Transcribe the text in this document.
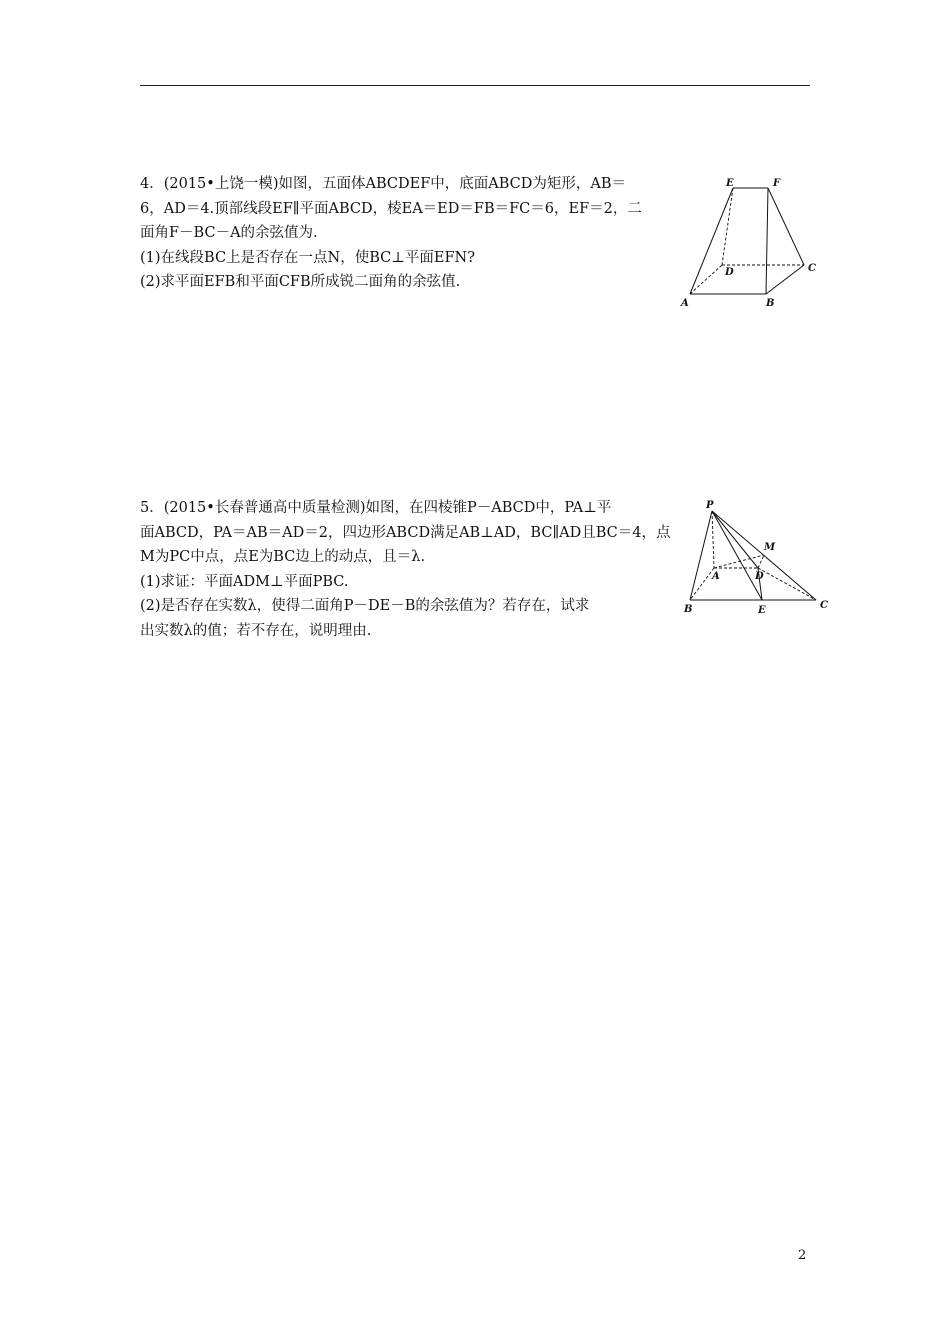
4．(2015•上饶一模)如图，五面体ABCDEF中，底面ABCD为矩形，AB＝

6，AD＝4.顶部线段EF∥平面ABCD，棱EA＝ED＝FB＝FC＝6，EF＝2，二

面角F－BC－A的余弦值为.

(1)在线段BC上是否存在一点N，使BC⊥平面EFN?

(2)求平面EFB和平面CFB所成锐二面角的余弦值.

E	F
D	C
A	B

5．(2015•长春普通高中质量检测)如图，在四棱锥P－ABCD中，PA⊥平

面ABCD，PA＝AB＝AD＝2，四边形ABCD满足AB⊥AD，BC∥AD且BC＝4，点

M为PC中点，点E为BC边上的动点，且＝λ.

(1)求证：平面ADM⊥平面PBC.

(2)是否存在实数λ，使得二面角P－DE－B的余弦值为？若存在，试求

出实数λ的值；若不存在，说明理由.

P
M
A	D
B	E	C
2
